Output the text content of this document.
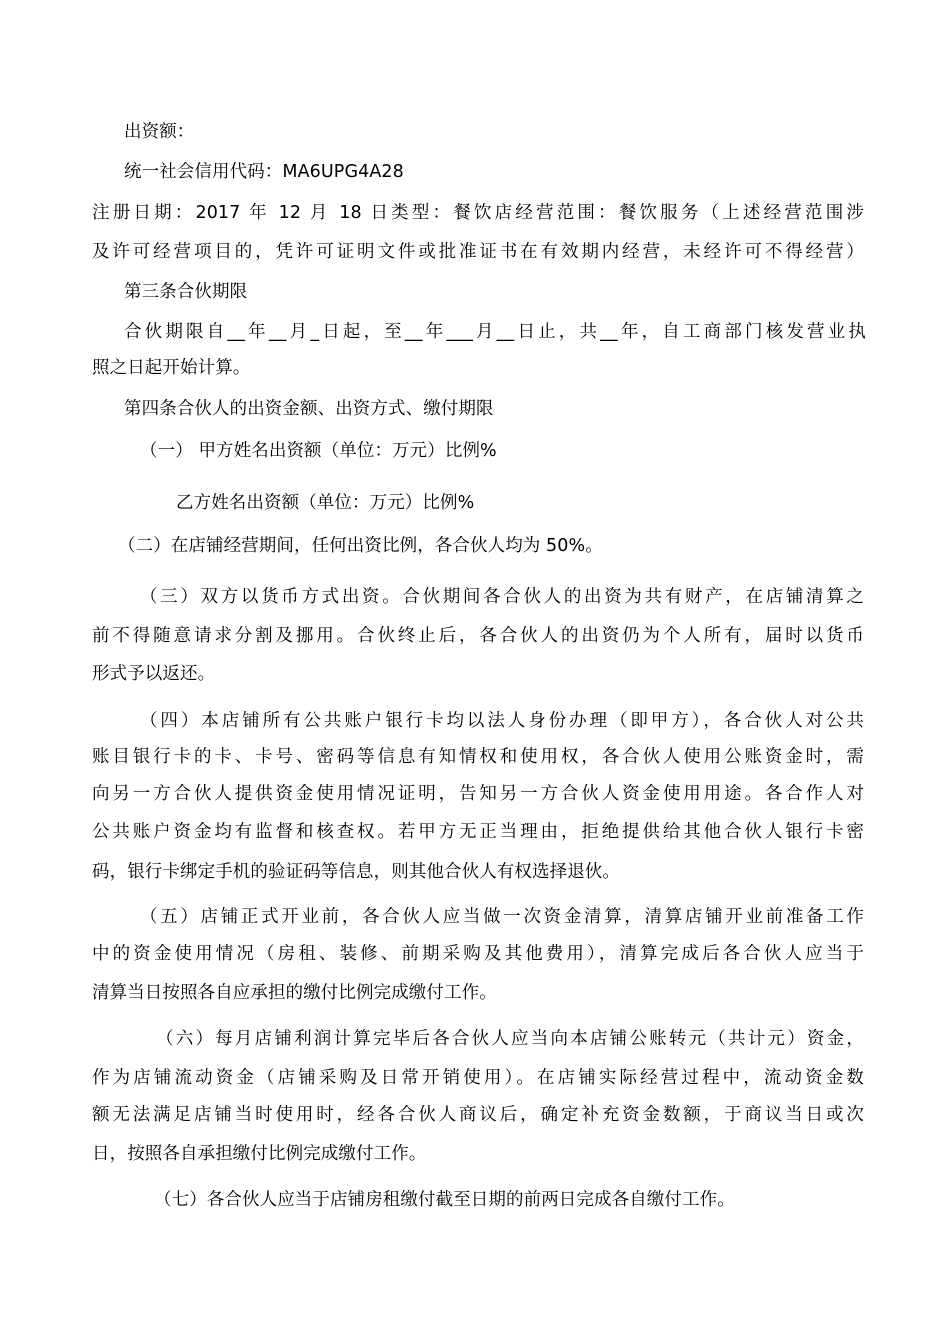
出资额：
统一社会信用代码：MA6UPG4A28
注册日期：2017 年 12 月 18 日类型：餐饮店经营范围：餐饮服务（上述经营范围涉
及许可经营项目的，凭许可证明文件或批准证书在有效期内经营，未经许可不得经营）
第三条合伙期限
合伙期限自__年__月_日起，至__年___月__日止，共__年，自工商部门核发营业执
照之日起开始计算。
第四条合伙人的出资金额、出资方式、缴付期限
（一） 甲方姓名出资额（单位：万元）比例%
乙方姓名出资额（单位：万元）比例%
（二）在店铺经营期间，任何出资比例，各合伙人均为 50%。
（三）双方以货币方式出资。合伙期间各合伙人的出资为共有财产，在店铺清算之
前不得随意请求分割及挪用。合伙终止后，各合伙人的出资仍为个人所有，届时以货币
形式予以返还。
（四）本店铺所有公共账户银行卡均以法人身份办理（即甲方），各合伙人对公共
账目银行卡的卡、卡号、密码等信息有知情权和使用权，各合伙人使用公账资金时，需
向另一方合伙人提供资金使用情况证明，告知另一方合伙人资金使用用途。各合作人对
公共账户资金均有监督和核查权。若甲方无正当理由，拒绝提供给其他合伙人银行卡密
码，银行卡绑定手机的验证码等信息，则其他合伙人有权选择退伙。
（五）店铺正式开业前，各合伙人应当做一次资金清算，清算店铺开业前准备工作
中的资金使用情况（房租、装修、前期采购及其他费用），清算完成后各合伙人应当于
清算当日按照各自应承担的缴付比例完成缴付工作。
（六）每月店铺利润计算完毕后各合伙人应当向本店铺公账转元（共计元）资金，
作为店铺流动资金（店铺采购及日常开销使用）。在店铺实际经营过程中，流动资金数
额无法满足店铺当时使用时，经各合伙人商议后，确定补充资金数额，于商议当日或次
日，按照各自承担缴付比例完成缴付工作。
（七）各合伙人应当于店铺房租缴付截至日期的前两日完成各自缴付工作。
